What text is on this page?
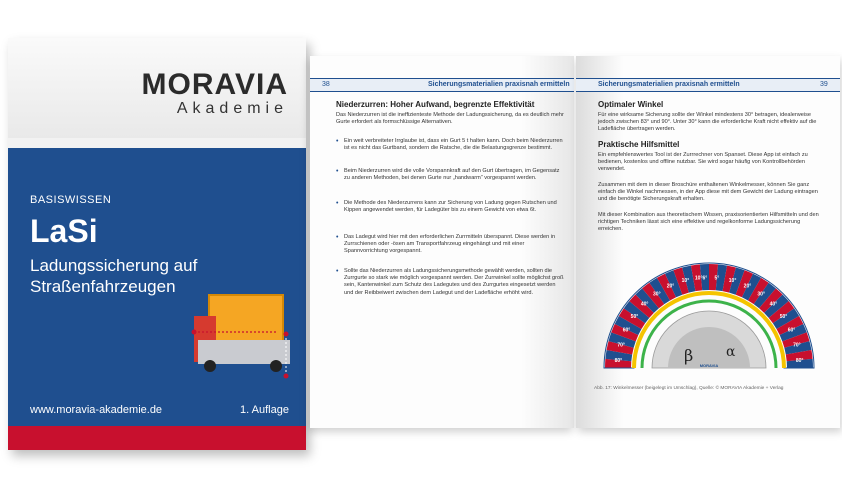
MORAVIA
Akademie
BASISWISSEN
LaSi
Ladungssicherung auf Straßenfahrzeugen
www.moravia-akademie.de	1. Auflage
38	Sicherungsmaterialien praxisnah ermitteln
Niederzurren: Hoher Aufwand, begrenzte Effektivität
Das Niederzurren ist die ineffizienteste Methode der Ladungssicherung, da es deutlich mehr Gurte erfordert als formschlüssige Alternativen.
• Ein weit verbreiteter Irrglaube ist, dass ein Gurt 5 t halten kann. Doch beim Niederzurren ist es nicht das Gurtband, sondern die Ratsche, die die Belastungsgrenze bestimmt.
• Beim Niederzurren wird die volle Vorspannkraft auf den Gurt übertragen, im Gegensatz zu anderen Methoden, bei denen Gurte nur „handwarm“ vorgespannt werden.
• Die Methode des Niederzurrens kann zur Sicherung von Ladung gegen Rutschen und Kippen angewendet werden, für Ladegüter bis zu einem Gewicht von etwa 6t.
• Das Ladegut wird hier mit den erforderlichen Zurrmitteln überspannt. Diese werden in Zurrschienen oder -ösen am Transportfahrzeug eingehängt und mit einer Spannvorrichtung vorgespannt.
• Sollte das Niederzurren als Ladungssicherungsmethode gewählt werden, sollten die Zurrgurte so stark wie möglich vorgespannt werden. Der Zurrwinkel sollte möglichst groß sein, Kantenwinkel zum Schutz des Ladegutes und des Zurrgurtes eingesetzt werden und der Reibbeiwert zwischen dem Ladegut und der Ladefläche erhöht wird.
Sicherungsmaterialien praxisnah ermitteln	39
Optimaler Winkel
Für eine wirksame Sicherung sollte der Winkel mindestens 30° betragen, idealerweise jedoch zwischen 83° und 90°. Unter 30° kann die erforderliche Kraft nicht effektiv auf die Ladefläche übertragen werden.
Praktische Hilfsmittel
Ein empfehlenswertes Tool ist der Zurrrechner von Spanset. Diese App ist einfach zu bedienen, kostenlos und offline nutzbar. Sie wird sogar häufig von Kontrollbehörden verwendet.
Zusammen mit dem in dieser Broschüre enthaltenen Winkelmesser, können Sie ganz einfach die Winkel nachmessen, in der App diese mit dem Gewicht der Ladung eintragen und die benötigte Sicherungskraft erhalten.
Mit dieser Kombination aus theoretischem Wissen, praxisorientierten Hilfsmitteln und den richtigen Techniken lässt sich eine effektive und regelkonforme Ladungssicherung erreichen.
β α
MORAVIA
80°
70°
60°
50°
40°
30°
20°
10° 10°6° 5° 10°
20°
30°
40°
50°
60°
70°
80°
Abb. 17: Winkelmesser (beigelegt im Umschlag), Quelle: © MORAVIA Akademie + Verlag
